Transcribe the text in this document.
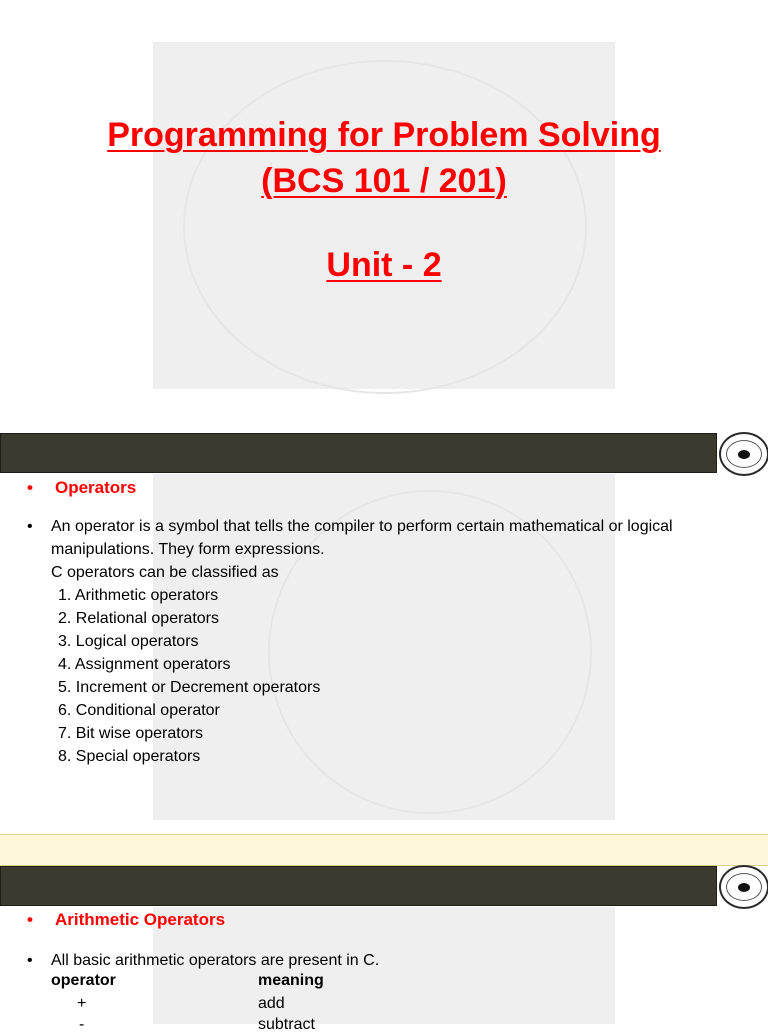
Programming for Problem Solving
(BCS 101 / 201)
Unit - 2
• Operators
• An operator is a symbol that tells the compiler to perform certain mathematical or logical
manipulations. They form expressions.
C operators can be classified as
1. Arithmetic operators
2. Relational operators
3. Logical operators
4. Assignment operators
5. Increment or Decrement operators
6. Conditional operator
7. Bit wise operators
8. Special operators
• Arithmetic Operators
• All basic arithmetic operators are present in C.
operator	meaning
+	add
-	subtract
